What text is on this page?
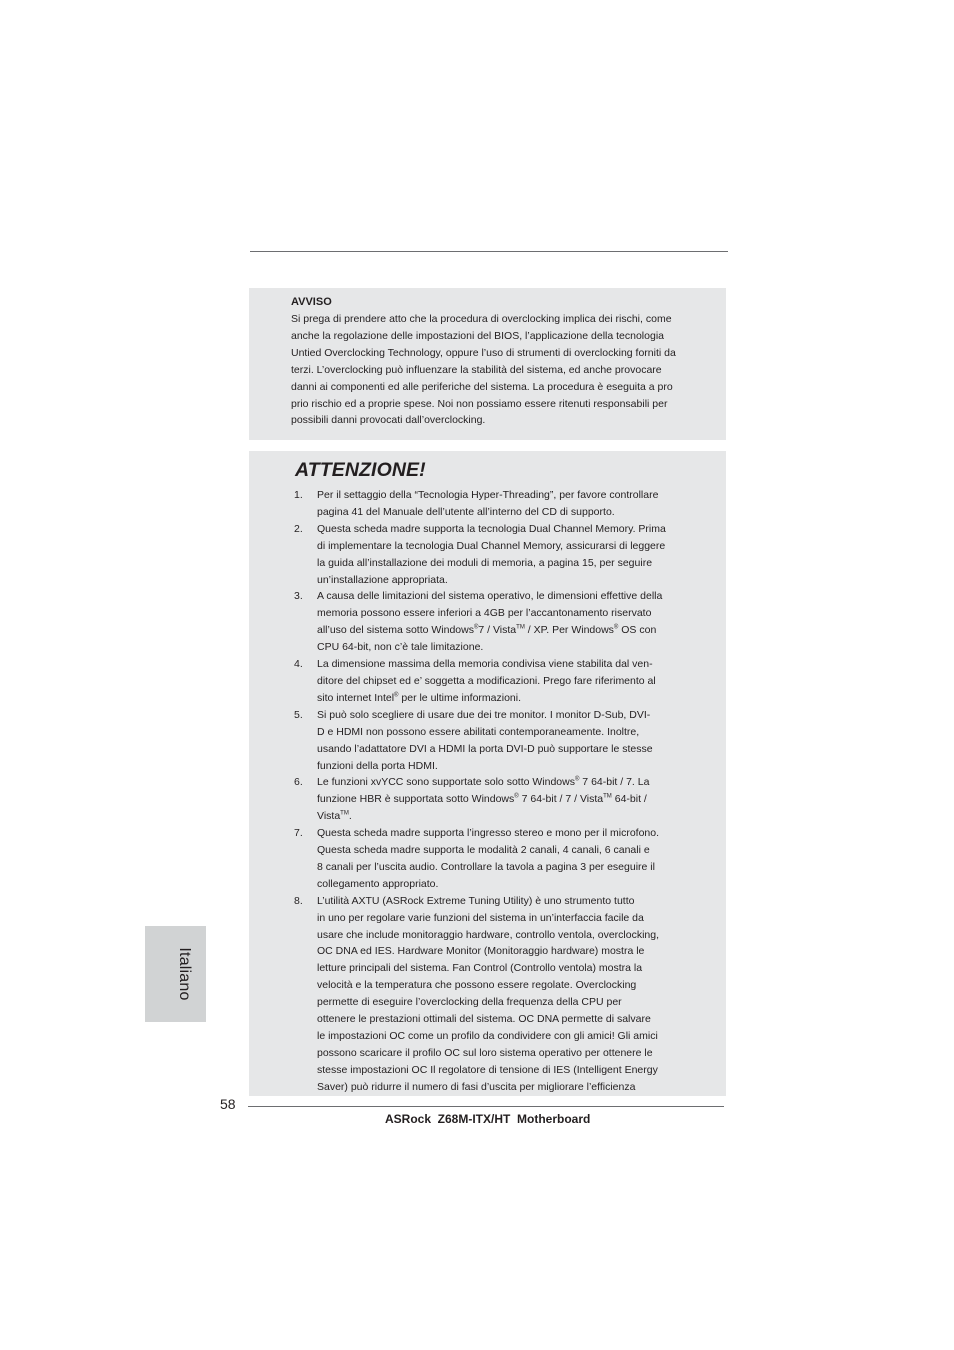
AVVISO
Si prega di prendere atto che la procedura di overclocking implica dei rischi, come
anche la regolazione delle impostazioni del BIOS, l’applicazione della tecnologia
Untied Overclocking Technology, oppure l’uso di strumenti di overclocking forniti da
terzi. L’overclocking può influenzare la stabilità del sistema, ed anche provocare
danni ai componenti ed alle periferiche del sistema. La procedura è eseguita a pro
prio rischio ed a proprie spese. Noi non possiamo essere ritenuti responsabili per
possibili danni provocati dall’overclocking.
ATTENZIONE!
1. Per il settaggio della “Tecnologia Hyper-Threading”, per favore controllare
pagina 41 del Manuale dell’utente all’interno del CD di supporto.
2. Questa scheda madre supporta la tecnologia Dual Channel Memory. Prima
di implementare la tecnologia Dual Channel Memory, assicurarsi di leggere
la guida all’installazione dei moduli di memoria, a pagina 15, per seguire
un’installazione appropriata.
3. A causa delle limitazioni del sistema operativo, le dimensioni effettive della
memoria possono essere inferiori a 4GB per l’accantonamento riservato
all’uso del sistema sotto Windows®7 / Vista™ / XP. Per Windows® OS con
CPU 64-bit, non c’è tale limitazione.
4. La dimensione massima della memoria condivisa viene stabilita dal ven-
ditore del chipset ed e’ soggetta a modificazioni. Prego fare riferimento al
sito internet Intel® per le ultime informazioni.
5. Si può solo scegliere di usare due dei tre monitor. I monitor D-Sub, DVI-
D e HDMI non possono essere abilitati contemporaneamente. Inoltre,
usando l’adattatore DVI a HDMI la porta DVI-D può supportare le stesse
funzioni della porta HDMI.
6. Le funzioni xvYCC sono supportate solo sotto Windows® 7 64-bit / 7. La
funzione HBR è supportata sotto Windows® 7 64-bit / 7 / Vista™ 64-bit /
Vista™.
7. Questa scheda madre supporta l’ingresso stereo e mono per il microfono.
Questa scheda madre supporta le modalità 2 canali, 4 canali, 6 canali e
8 canali per l’uscita audio. Controllare la tavola a pagina 3 per eseguire il
collegamento appropriato.
8. L’utilità AXTU (ASRock Extreme Tuning Utility) è uno strumento tutto
in uno per regolare varie funzioni del sistema in un’interfaccia facile da
usare che include monitoraggio hardware, controllo ventola, overclocking,
OC DNA ed IES. Hardware Monitor (Monitoraggio hardware) mostra le
letture principali del sistema. Fan Control (Controllo ventola) mostra la
velocità e la temperatura che possono essere regolate. Overclocking
permette di eseguire l’overclocking della frequenza della CPU per
ottenere le prestazioni ottimali del sistema. OC DNA permette di salvare
le impostazioni OC come un profilo da condividere con gli amici! Gli amici
possono scaricare il profilo OC sul loro sistema operativo per ottenere le
stesse impostazioni OC Il regolatore di tensione di IES (Intelligent Energy
Saver) può ridurre il numero di fasi d’uscita per migliorare l’efficienza
Italiano
58
ASRock  Z68M-ITX/HT  Motherboard
